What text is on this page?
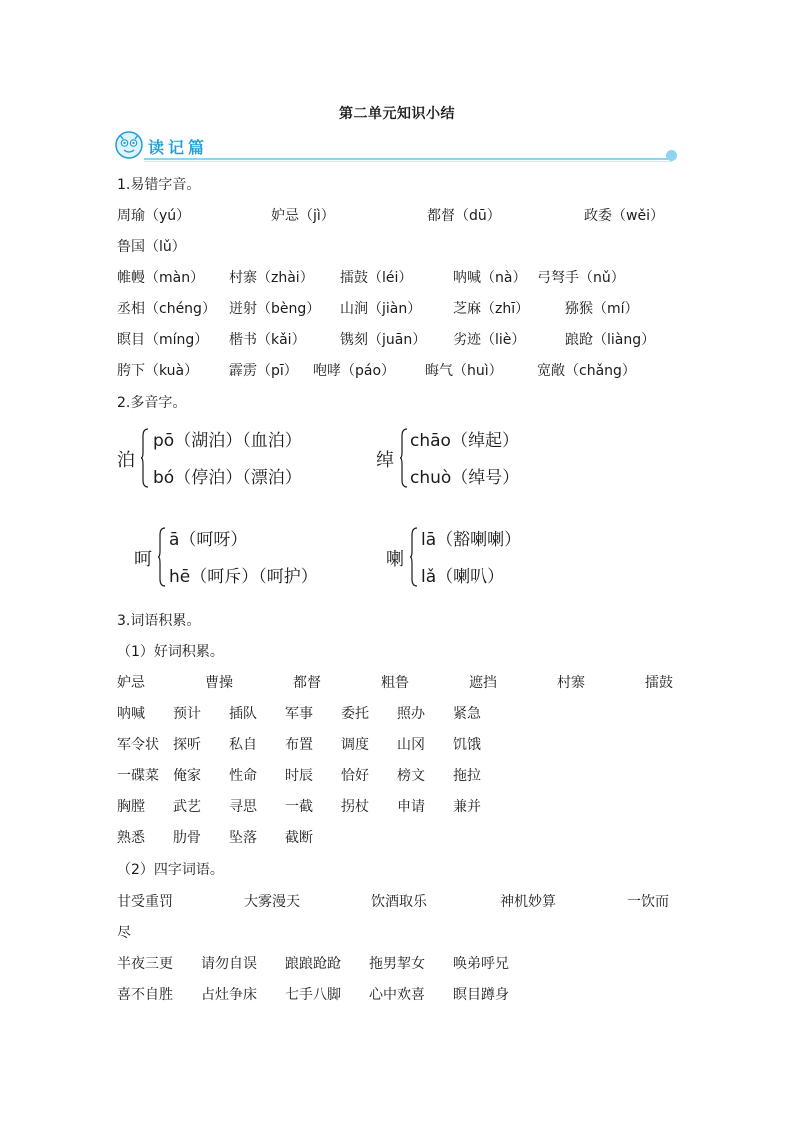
第二单元知识小结
读记篇
1.易错字音。
周瑜（yú）	妒忌（jì）	都督（dū）	政委（wěi）
鲁国（lǔ）
帷幔（màn） 村寨（zhài） 擂鼓（léi）	呐喊（nà） 弓弩手（nǔ）
丞相（chéng） 迸射（bèng） 山涧（jiàn） 芝麻（zhī）	猕猴（mí）
瞑目（míng） 楷书（kǎi） 镌刻（juān） 劣迹（liè）	踉跄（liàng）
胯下（kuà） 霹雳（pī） 咆哮（páo） 晦气（huì） 宽敞（chǎng）
2.多音字。
泊
pō（湖泊）（血泊）
bó（停泊）（漂泊）
绰
chāo（绰起）
chuò（绰号）
呵
ā（呵呀）
hē（呵斥）（呵护）
喇
lā（豁喇喇）
lǎ（喇叭）
3.词语积累。
（1）好词积累。
妒忌	曹操	都督	粗鲁	遮挡	村寨	擂鼓
呐喊 预计 插队 军事 委托 照办 紧急
军令状 探听 私自 布置 调度 山冈 饥饿
一碟菜 俺家 性命 时辰 恰好 榜文 拖拉
胸膛 武艺 寻思 一截 拐杖 申请 兼并
熟悉 肋骨 坠落 截断
（2）四字词语。
甘受重罚	大雾漫天	饮酒取乐	神机妙算	一饮而
尽
半夜三更 请勿自误 踉踉跄跄 拖男挈女 唤弟呼兄
喜不自胜 占灶争床 七手八脚 心中欢喜 瞑目蹲身
